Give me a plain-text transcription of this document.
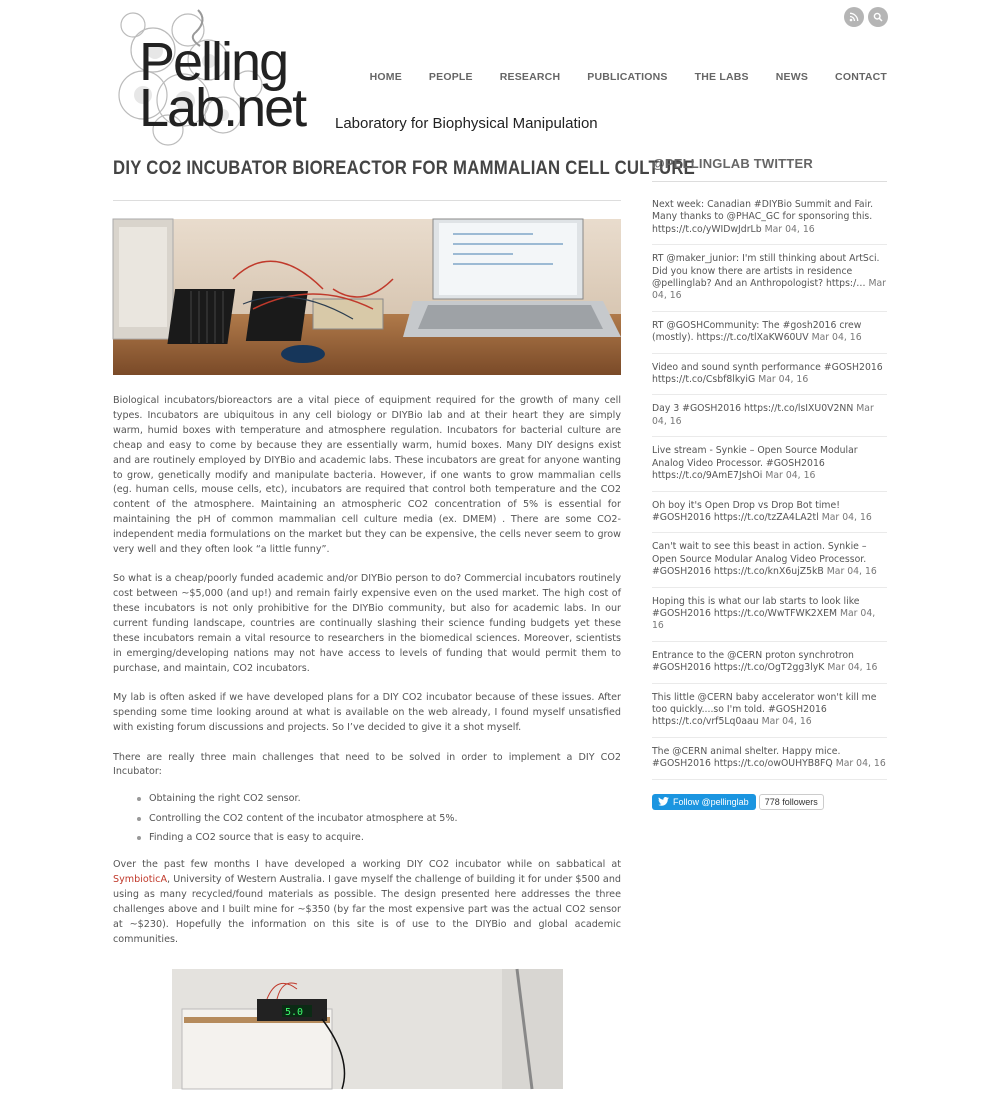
Pelling
Lab.net Laboratory for Biophysical Manipulation
HOME	PEOPLE	RESEARCH	PUBLICATIONS	THE LABS	NEWS	CONTACT
DIY CO2 INCUBATOR BIOREACTOR FOR MAMMALIAN CELL CULTURE

Biological incubators/bioreactors are a vital piece of equipment required for the growth of many cell types. Incubators are ubiquitous in any cell biology or DIYBio lab and at their heart they are simply warm, humid boxes with temperature and atmosphere regulation. Incubators for bacterial culture are cheap and easy to come by because they are essentially warm, humid boxes. Many DIY designs exist and are routinely employed by DIYBio and academic labs. These incubators are great for anyone wanting to grow, genetically modify and manipulate bacteria. However, if one wants to grow mammalian cells (eg. human cells, mouse cells, etc), incubators are required that control both temperature and the CO2 content of the atmosphere. Maintaining an atmospheric CO2 concentration of 5% is essential for maintaining the pH of common mammalian cell culture media (ex. DMEM) . There are some CO2-independent media formulations on the market but they can be expensive, the cells never seem to grow very well and they often look “a little funny”.

So what is a cheap/poorly funded academic and/or DIYBio person to do? Commercial incubators routinely cost between ~$5,000 (and up!) and remain fairly expensive even on the used market. The high cost of these incubators is not only prohibitive for the DIYBio community, but also for academic labs. In our current funding landscape, countries are continually slashing their science funding budgets yet these these incubators remain a vital resource to researchers in the biomedical sciences. Moreover, scientists in emerging/developing nations may not have access to levels of funding that would permit them to purchase, and maintain, CO2 incubators.

My lab is often asked if we have developed plans for a DIY CO2 incubator because of these issues. After spending some time looking around at what is available on the web already, I found myself unsatisfied with existing forum discussions and projects. So I’ve decided to give it a shot myself.

There are really three main challenges that need to be solved in order to implement a DIY CO2 Incubator:

Obtaining the right CO2 sensor.
Controlling the CO2 content of the incubator atmosphere at 5%.
Finding a CO2 source that is easy to acquire.

Over the past few months I have developed a working DIY CO2 incubator while on sabbatical at SymbioticA, University of Western Australia. I gave myself the challenge of building it for under $500 and using as many recycled/found materials as possible. The design presented here addresses the three challenges above and I built mine for ~$350 (by far the most expensive part was the actual CO2 sensor at ~$230). Hopefully the information on this site is of use to the DIYBio and global academic communities.

5.0
@PELLINGLAB TWITTER
Next week: Canadian #DIYBio Summit and Fair. Many thanks to @PHAC_GC for sponsoring this. https://t.co/yWIDwJdrLb Mar 04, 16
RT @maker_junior: I'm still thinking about ArtSci. Did you know there are artists in residence @pellinglab? And an Anthropologist? https:/… Mar 04, 16
RT @GOSHCommunity: The #gosh2016 crew (mostly). https://t.co/tlXaKW60UV Mar 04, 16
Video and sound synth performance #GOSH2016 https://t.co/Csbf8lkyiG Mar 04, 16
Day 3 #GOSH2016 https://t.co/lsIXU0V2NN Mar 04, 16
Live stream - Synkie – Open Source Modular Analog Video Processor. #GOSH2016 https://t.co/9AmE7JshOi Mar 04, 16
Oh boy it's Open Drop vs Drop Bot time! #GOSH2016 https://t.co/tzZA4LA2tl Mar 04, 16
Can't wait to see this beast in action. Synkie – Open Source Modular Analog Video Processor. #GOSH2016 https://t.co/knX6ujZ5kB Mar 04, 16
Hoping this is what our lab starts to look like #GOSH2016 https://t.co/WwTFWK2XEM Mar 04, 16
Entrance to the @CERN proton synchrotron #GOSH2016 https://t.co/OgT2gg3lyK Mar 04, 16
This little @CERN baby accelerator won't kill me too quickly....so I'm told. #GOSH2016 https://t.co/vrf5Lq0aau Mar 04, 16
The @CERN animal shelter. Happy mice. #GOSH2016 https://t.co/owOUHYB8FQ Mar 04, 16
Follow @pellinglab	778 followers
